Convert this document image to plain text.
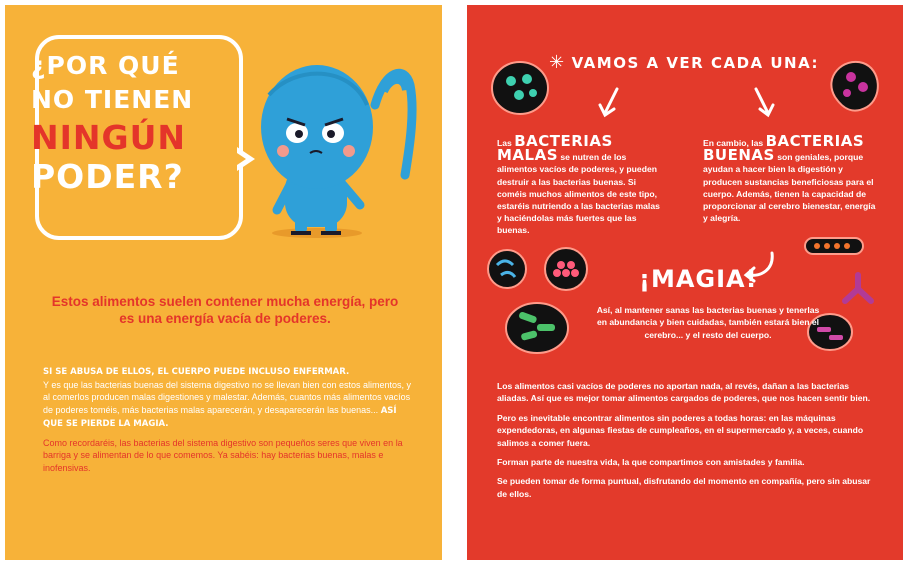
¿POR QUÉ
NO TIENEN
NINGÚN
PODER?
Estos alimentos suelen contener mucha energía, pero es una energía vacía de poderes.

SI SE ABUSA DE ELLOS, EL CUERPO PUEDE INCLUSO ENFERMAR.
Y es que las bacterias buenas del sistema digestivo no se llevan bien con estos alimentos, y al comerlos producen malas digestiones y malestar. Además, cuantos más alimentos vacíos de poderes toméis, más bacterias malas aparecerán, y desaparecerán las buenas... ASÍ QUE SE PIERDE LA MAGIA.

Como recordaréis, las bacterias del sistema digestivo son pequeños seres que viven en la barriga y se alimentan de lo que comemos. Ya sabéis: hay bacterias buenas, malas e inofensivas.

✳ VAMOS A VER CADA UNA:
Las BACTERIAS MALAS se nutren de los alimentos vacíos de poderes, y pueden destruir a las bacterias buenas. Si coméis muchos alimentos de este tipo, estaréis nutriendo a las bacterias malas y haciéndolas más fuertes que las buenas.
En cambio, las BACTERIAS BUENAS son geniales, porque ayudan a hacer bien la digestión y producen sustancias beneficiosas para el cuerpo. Además, tienen la capacidad de proporcionar al cerebro bienestar, energía y alegría.
¡MAGIA!
Así, al mantener sanas las bacterias buenas y tenerlas en abundancia y bien cuidadas, también estará bien el cerebro... y el resto del cuerpo.

Los alimentos casi vacíos de poderes no aportan nada, al revés, dañan a las bacterias aliadas. Así que es mejor tomar alimentos cargados de poderes, que nos hacen sentir bien.

Pero es inevitable encontrar alimentos sin poderes a todas horas: en las máquinas expendedoras, en algunas fiestas de cumpleaños, en el supermercado y, a veces, cuando salimos a comer fuera.

Forman parte de nuestra vida, la que compartimos con amistades y familia.

Se pueden tomar de forma puntual, disfrutando del momento en compañía, pero sin abusar de ellos.
